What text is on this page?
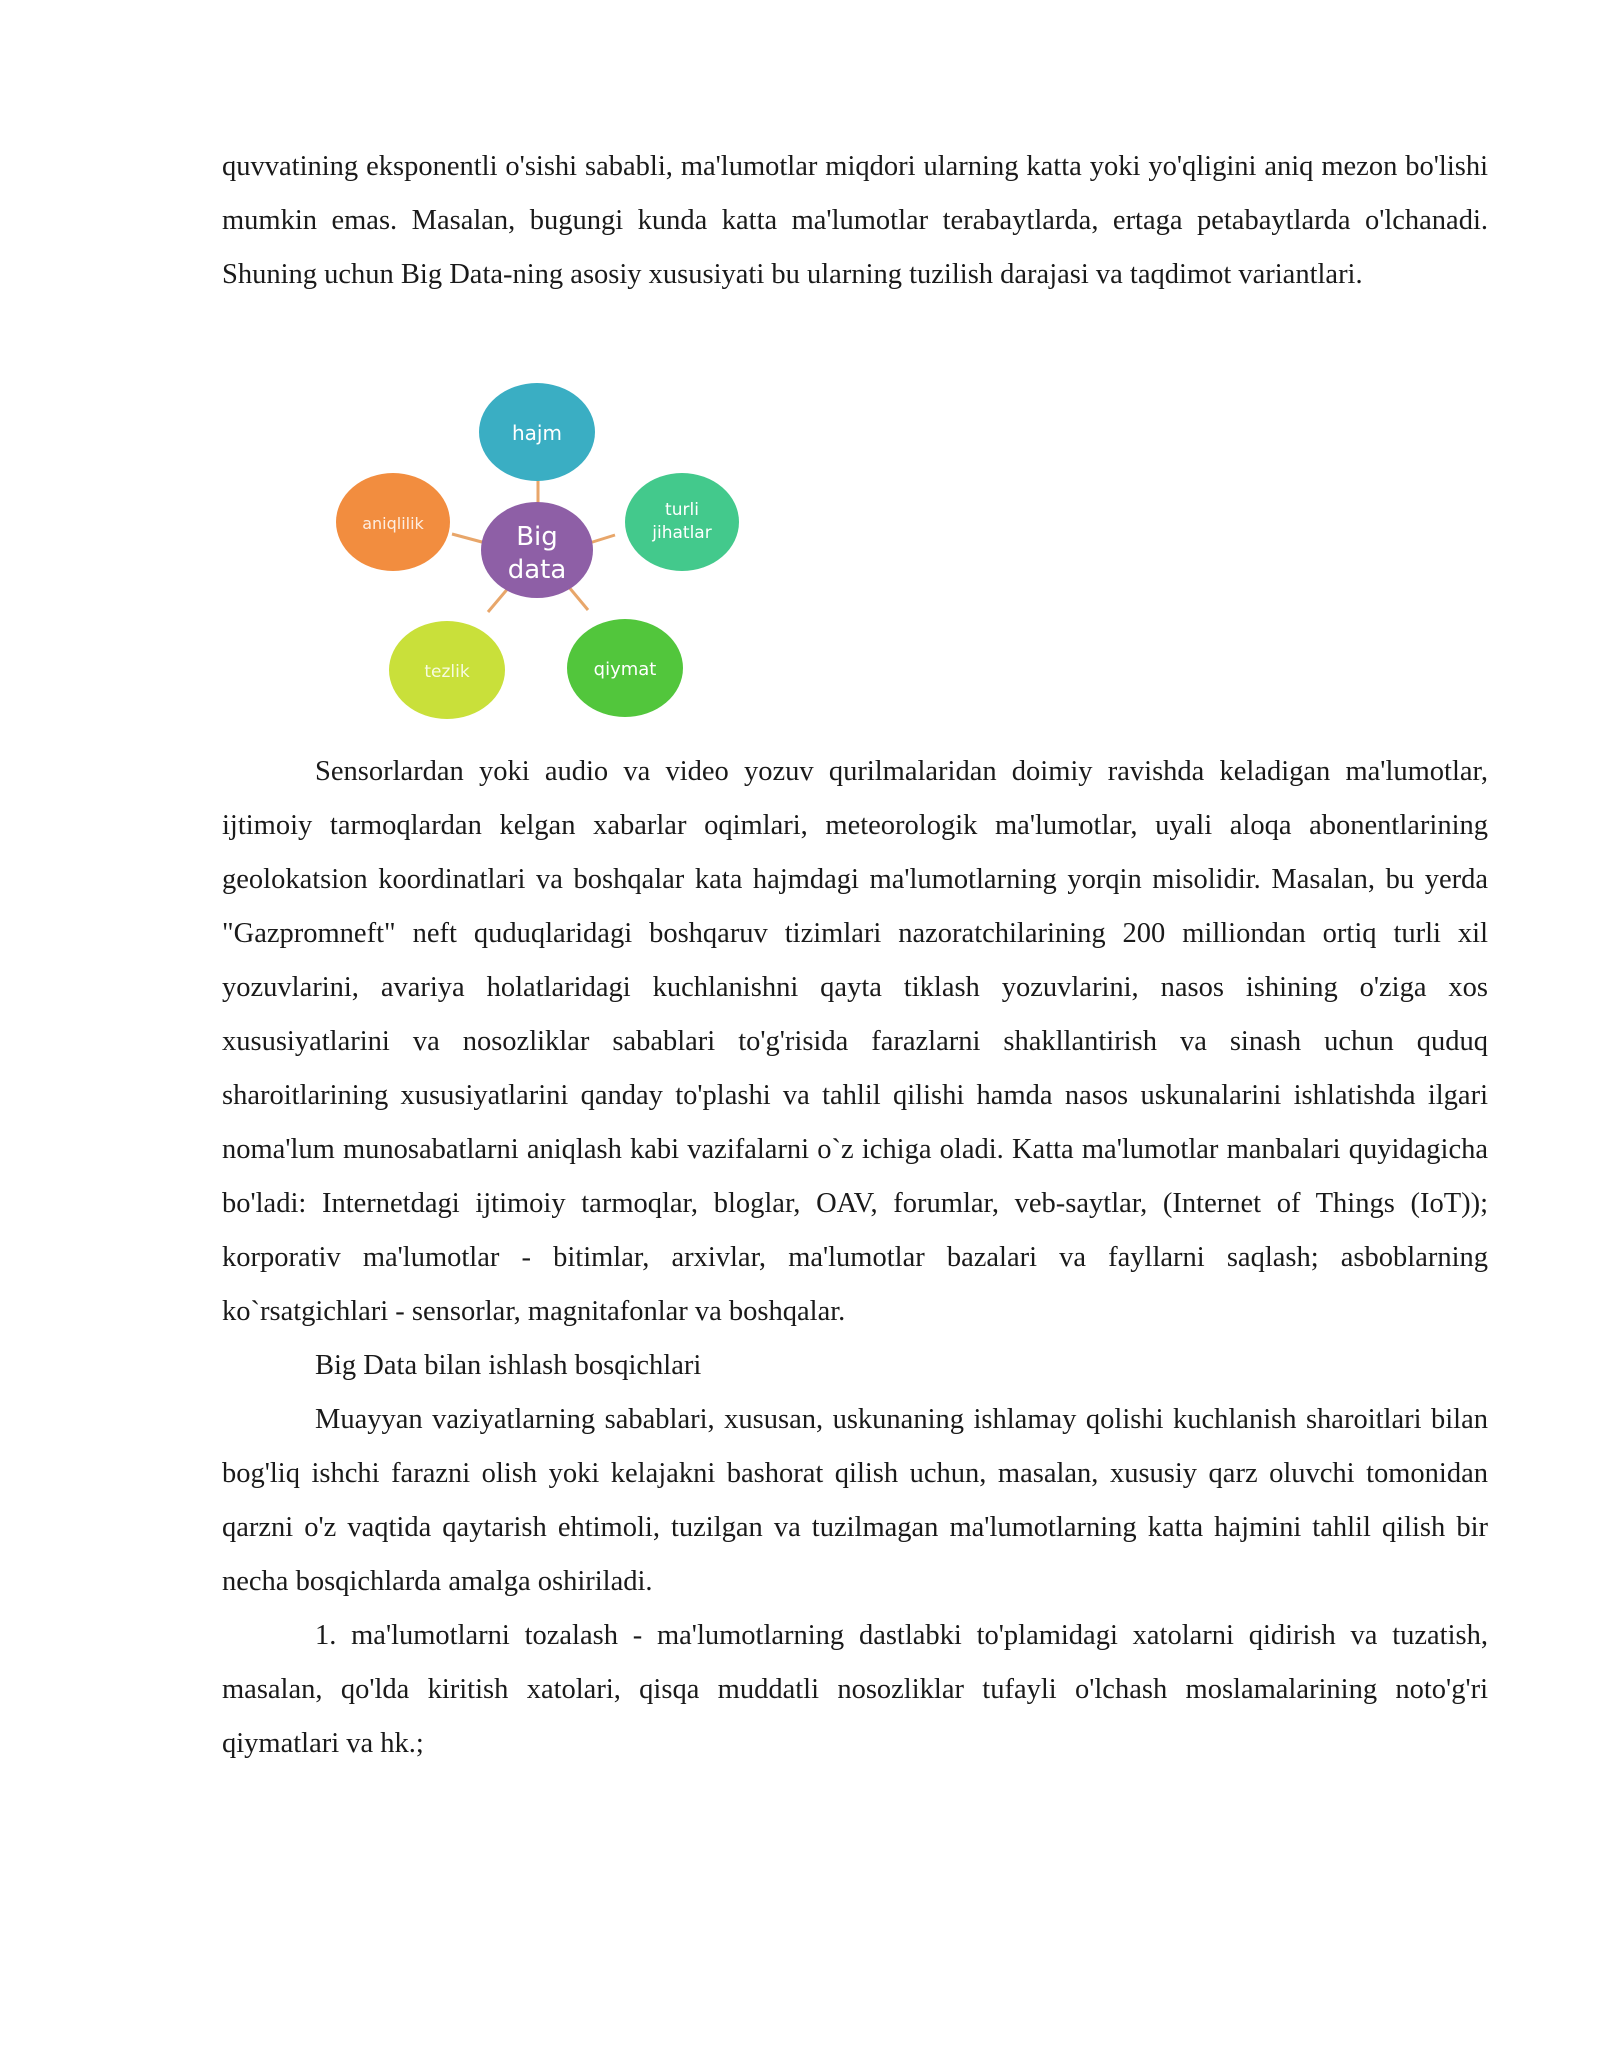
quvvatining eksponentli o'sishi sababli, ma'lumotlar miqdori ularning katta yoki yo'qligini aniq mezon bo'lishi mumkin emas. Masalan, bugungi kunda katta ma'lumotlar terabaytlarda, ertaga petabaytlarda o'lchanadi. Shuning uchun Big Data-ning asosiy xususiyati bu ularning tuzilish darajasi va taqdimot variantlari.

hajm
turli
jihatlar
qiymat
tezlik
aniqlilik	Big
data

Sensorlardan yoki audio va video yozuv qurilmalaridan doimiy ravishda keladigan ma'lumotlar, ijtimoiy tarmoqlardan kelgan xabarlar oqimlari, meteorologik ma'lumotlar, uyali aloqa abonentlarining geolokatsion koordinatlari va boshqalar kata hajmdagi ma'lumotlarning yorqin misolidir. Masalan, bu yerda "Gazpromneft" neft quduqlaridagi boshqaruv tizimlari nazoratchilarining 200 milliondan ortiq turli xil yozuvlarini, avariya holatlaridagi kuchlanishni qayta tiklash yozuvlarini, nasos ishining o'ziga xos xususiyatlarini va nosozliklar sabablari to'g'risida farazlarni shakllantirish va sinash uchun quduq sharoitlarining xususiyatlarini qanday to'plashi va tahlil qilishi hamda nasos uskunalarini ishlatishda ilgari noma'lum munosabatlarni aniqlash kabi vazifalarni o`z ichiga oladi. Katta ma'lumotlar manbalari quyidagicha bo'ladi: Internetdagi ijtimoiy tarmoqlar, bloglar, OAV, forumlar, veb-saytlar, (Internet of Things (IoT)); korporativ ma'lumotlar - bitimlar, arxivlar, ma'lumotlar bazalari va fayllarni saqlash; asboblarning ko`rsatgichlari - sensorlar, magnitafonlar va boshqalar.

Big Data bilan ishlash bosqichlari

Muayyan vaziyatlarning sabablari, xususan, uskunaning ishlamay qolishi kuchlanish sharoitlari bilan bog'liq ishchi farazni olish yoki kelajakni bashorat qilish uchun, masalan, xususiy qarz oluvchi tomonidan qarzni o'z vaqtida qaytarish ehtimoli, tuzilgan va tuzilmagan ma'lumotlarning katta hajmini tahlil qilish bir necha bosqichlarda amalga oshiriladi.

1. ma'lumotlarni tozalash - ma'lumotlarning dastlabki to'plamidagi xatolarni qidirish va tuzatish, masalan, qo'lda kiritish xatolari, qisqa muddatli nosozliklar tufayli o'lchash moslamalarining noto'g'ri qiymatlari va hk.;
